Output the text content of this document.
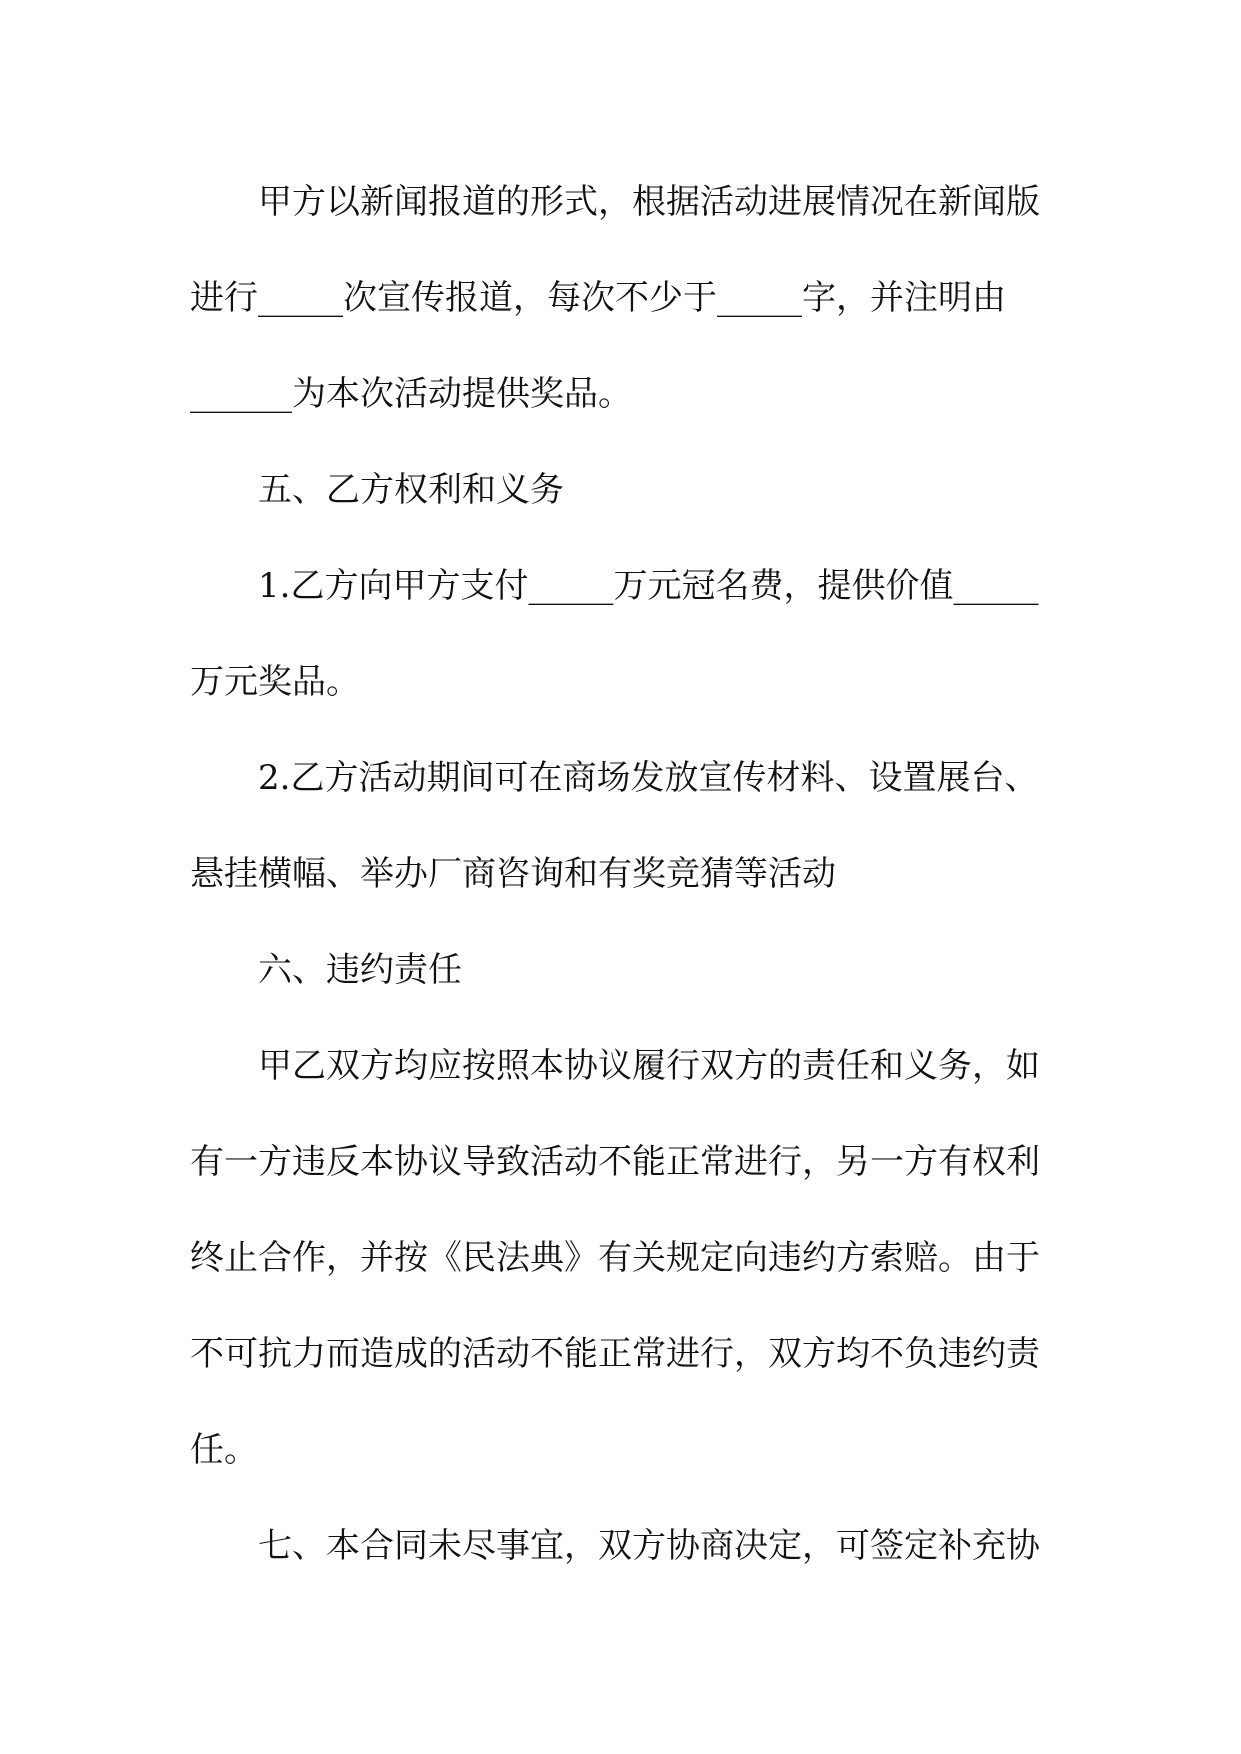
甲方以新闻报道的形式，根据活动进展情况在新闻版
进行_____次宣传报道，每次不少于_____字，并注明由
______为本次活动提供奖品。
五、乙方权利和义务
1.乙方向甲方支付_____万元冠名费，提供价值_____
万元奖品。
2.乙方活动期间可在商场发放宣传材料、设置展台、
悬挂横幅、举办厂商咨询和有奖竞猜等活动
六、违约责任
甲乙双方均应按照本协议履行双方的责任和义务，如
有一方违反本协议导致活动不能正常进行，另一方有权利
终止合作，并按《民法典》有关规定向违约方索赔。由于
不可抗力而造成的活动不能正常进行，双方均不负违约责
任。
七、本合同未尽事宜，双方协商决定，可签定补充协
